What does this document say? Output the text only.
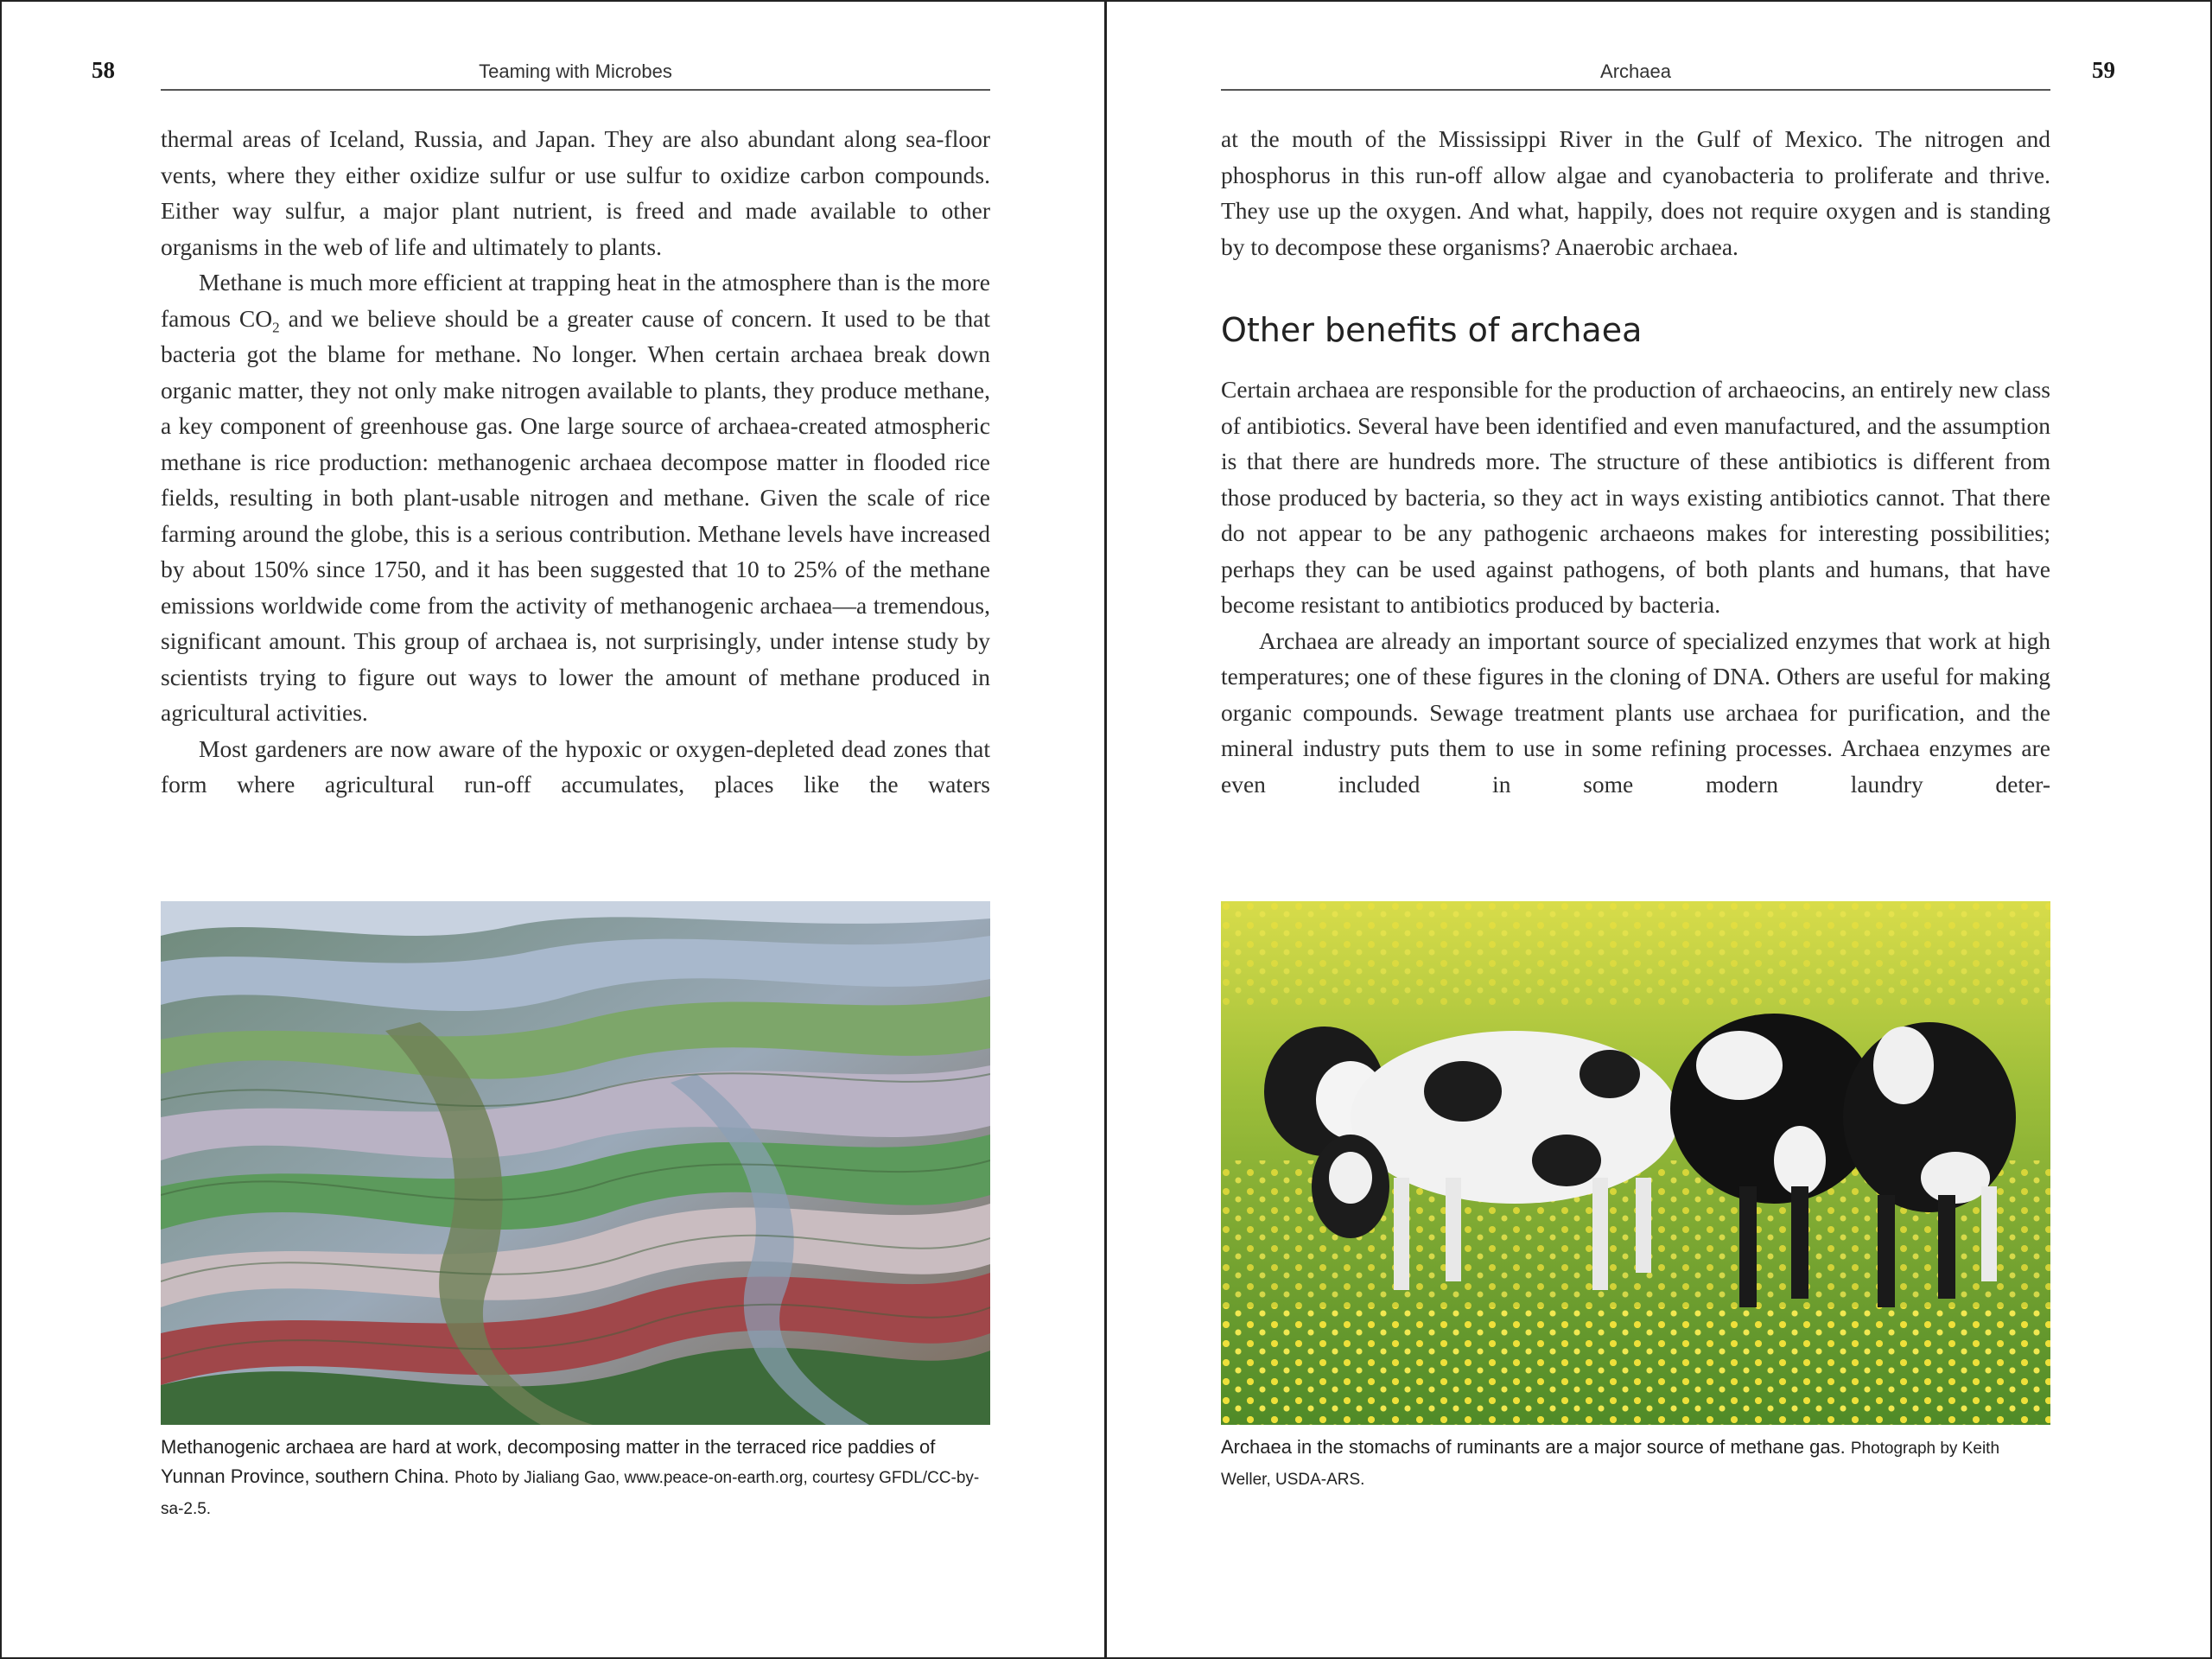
58	Teaming with Microbes

thermal areas of Iceland, Russia, and Japan. They are also abundant along sea-floor vents, where they either oxidize sulfur or use sulfur to oxidize carbon compounds. Either way sulfur, a major plant nutrient, is freed and made available to other organisms in the web of life and ultimately to plants.

Methane is much more efficient at trapping heat in the atmosphere than is the more famous $CO_2$ and we believe should be a greater cause of concern. It used to be that bacteria got the blame for methane. No longer. When certain archaea break down organic matter, they not only make nitrogen available to plants, they produce methane, a key component of greenhouse gas. One large source of archaea-created atmospheric methane is rice production: methanogenic archaea decompose matter in flooded rice fields, resulting in both plant-usable nitrogen and methane. Given the scale of rice farming around the globe, this is a serious contribution. Methane levels have increased by about 150% since 1750, and it has been suggested that 10 to 25% of the methane emissions worldwide come from the activity of methanogenic archaea—a tremendous, significant amount. This group of archaea is, not surprisingly, under intense study by scientists trying to figure out ways to lower the amount of methane produced in agricultural activities.

Most gardeners are now aware of the hypoxic or oxygen-depleted dead zones that form where agricultural run-off accumulates, places like the waters

Methanogenic archaea are hard at work, decomposing matter in the terraced rice paddies of Yunnan Province, southern China. Photo by Jialiang Gao, www.peace-on-earth.org, courtesy GFDL/CC-by-sa-2.5.
Archaea	59

at the mouth of the Mississippi River in the Gulf of Mexico. The nitrogen and phosphorus in this run-off allow algae and cyanobacteria to proliferate and thrive. They use up the oxygen. And what, happily, does not require oxygen and is standing by to decompose these organisms? Anaerobic archaea.

Other benefits of archaea

Certain archaea are responsible for the production of archaeocins, an entirely new class of antibiotics. Several have been identified and even manufactured, and the assumption is that there are hundreds more. The structure of these antibiotics is different from those produced by bacteria, so they act in ways existing antibiotics cannot. That there do not appear to be any pathogenic archaeons makes for interesting possibilities; perhaps they can be used against pathogens, of both plants and humans, that have become resistant to antibiotics produced by bacteria.

Archaea are already an important source of specialized enzymes that work at high temperatures; one of these figures in the cloning of DNA. Others are useful for making organic compounds. Sewage treatment plants use archaea for purification, and the mineral industry puts them to use in some refining processes. Archaea enzymes are even included in some modern laundry deter-

Archaea in the stomachs of ruminants are a major source of methane gas. Photograph by Keith Weller, USDA-ARS.
